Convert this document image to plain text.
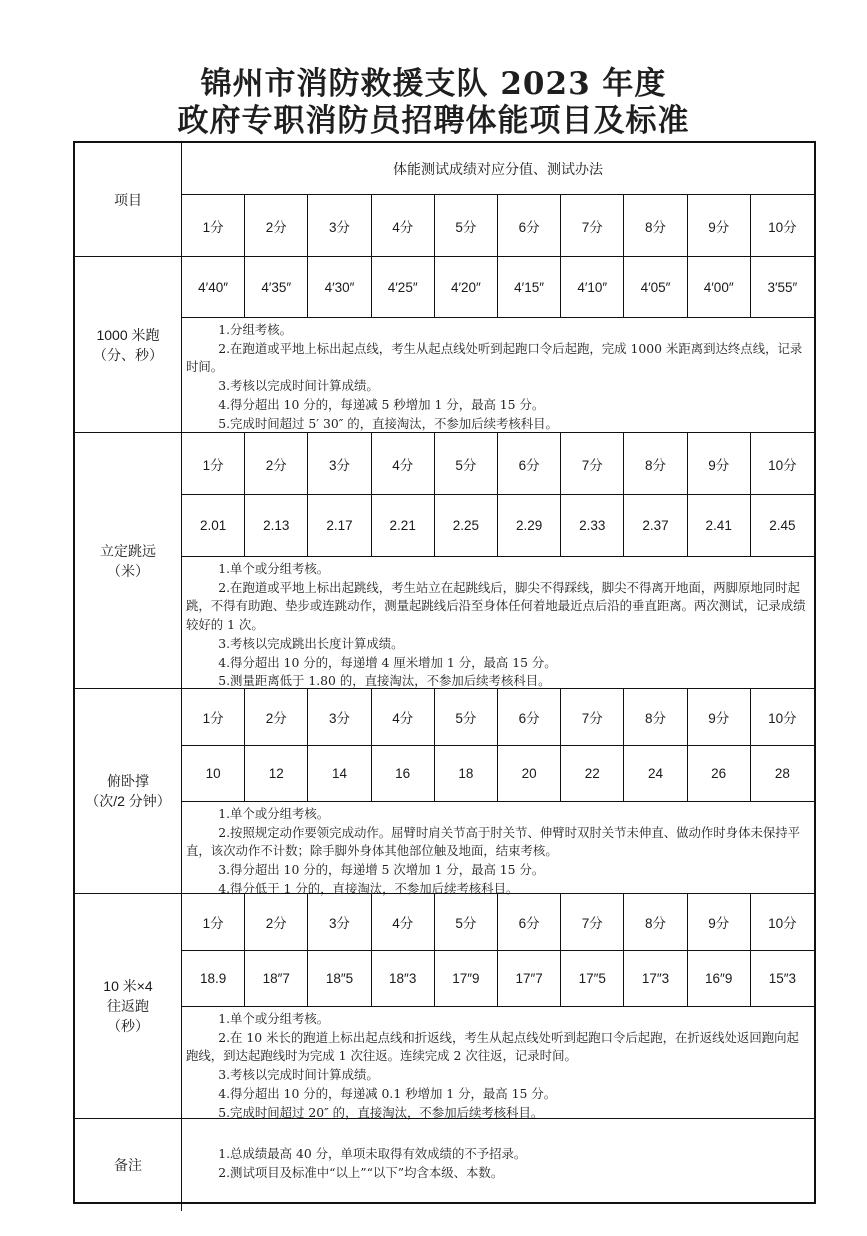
锦州市消防救援支队 2023 年度
政府专职消防员招聘体能项目及标准
项目
体能测试成绩对应分值、测试办法
1分	2分	3分	4分	5分	6分	7分	8分	9分	10分
1000 米跑
（分、秒）
4′40″	4′35″	4′30″	4′25″	4′20″	4′15″	4′10″	4′05″	4′00″	3′55″

1.分组考核。

2.在跑道或平地上标出起点线，考生从起点线处听到起跑口令后起跑，完成 1000 米距离到达终点线，记录时间。

3.考核以完成时间计算成绩。

4.得分超出 10 分的，每递减 5 秒增加 1 分，最高 15 分。

5.完成时间超过 5′ 30″ 的，直接淘汰，不参加后续考核科目。

立定跳远
（米）
1分	2分	3分	4分	5分	6分	7分	8分	9分	10分
2.01	2.13	2.17	2.21	2.25	2.29	2.33	2.37	2.41	2.45

1.单个或分组考核。

2.在跑道或平地上标出起跳线，考生站立在起跳线后，脚尖不得踩线，脚尖不得离开地面，两脚原地同时起跳，不得有助跑、垫步或连跳动作，测量起跳线后沿至身体任何着地最近点后沿的垂直距离。两次测试，记录成绩较好的 1 次。

3.考核以完成跳出长度计算成绩。

4.得分超出 10 分的，每递增 4 厘米增加 1 分，最高 15 分。

5.测量距离低于 1.80 的，直接淘汰，不参加后续考核科目。

俯卧撑
（次/2 分钟）
1分	2分	3分	4分	5分	6分	7分	8分	9分	10分
10	12	14	16	18	20	22	24	26	28

1.单个或分组考核。

2.按照规定动作要领完成动作。屈臂时肩关节高于肘关节、伸臂时双肘关节未伸直、做动作时身体未保持平直，该次动作不计数；除手脚外身体其他部位触及地面，结束考核。

3.得分超出 10 分的，每递增 5 次增加 1 分，最高 15 分。

4.得分低于 1 分的，直接淘汰，不参加后续考核科目。

10 米×4
往返跑
（秒）
1分	2分	3分	4分	5分	6分	7分	8分	9分	10分
18.9	18″7	18″5	18″3	17″9	17″7	17″5	17″3	16″9	15″3

1.单个或分组考核。

2.在 10 米长的跑道上标出起点线和折返线，考生从起点线处听到起跑口令后起跑，在折返线处返回跑向起跑线，到达起跑线时为完成 1 次往返。连续完成 2 次往返，记录时间。

3.考核以完成时间计算成绩。

4.得分超出 10 分的，每递减 0.1 秒增加 1 分，最高 15 分。

5.完成时间超过 20″ 的，直接淘汰，不参加后续考核科目。

备注

1.总成绩最高 40 分，单项未取得有效成绩的不予招录。

2.测试项目及标准中“以上”“以下”均含本级、本数。
